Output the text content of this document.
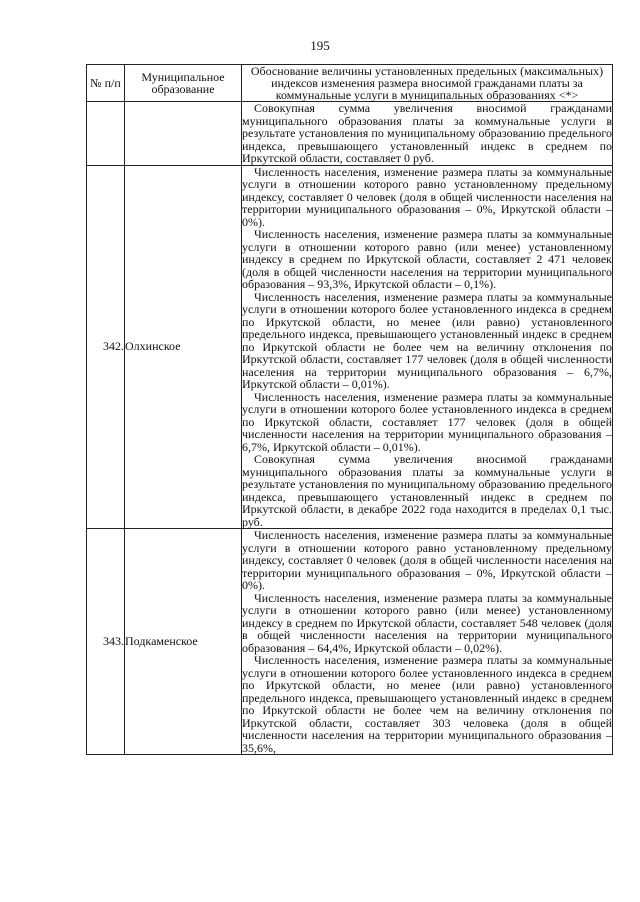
195
№ п/п	Муниципальное образование	Обоснование величины установленных предельных (максимальных) индексов изменения размера вносимой гражданами платы за коммунальные услуги в муниципальных образованиях <*>

		Совокупная сумма увеличения вносимой гражданами муниципального образования платы за коммунальные услуги в результате установления по муниципальному образованию предельного индекса, превышающего установленный индекс в среднем по Иркутской области, составляет 0 руб.

342.	Олхинское	Численность населения, изменение размера платы за коммунальные услуги в отношении которого равно установленному предельному индексу, составляет 0 человек (доля в общей численности населения на территории муниципального образования – 0%, Иркутской области – 0%).

Численность населения, изменение размера платы за коммунальные услуги в отношении которого равно (или менее) установленному индексу в среднем по Иркутской области, составляет 2 471 человек (доля в общей численности населения на территории муниципального образования – 93,3%, Иркутской области – 0,1%).

Численность населения, изменение размера платы за коммунальные услуги в отношении которого более установленного индекса в среднем по Иркутской области, но менее (или равно) установленного предельного индекса, превышающего установленный индекс в среднем по Иркутской области не более чем на величину отклонения по Иркутской области, составляет 177 человек (доля в общей численности населения на территории муниципального образования – 6,7%, Иркутской области – 0,01%).

Численность населения, изменение размера платы за коммунальные услуги в отношении которого более установленного индекса в среднем по Иркутской области, составляет 177 человек (доля в общей численности населения на территории муниципального образования – 6,7%, Иркутской области – 0,01%).

Совокупная сумма увеличения вносимой гражданами муниципального образования платы за коммунальные услуги в результате установления по муниципальному образованию предельного индекса, превышающего установленный индекс в среднем по Иркутской области, в декабре 2022 года находится в пределах 0,1 тыс. руб.

343.	Подкаменское	Численность населения, изменение размера платы за коммунальные услуги в отношении которого равно установленному предельному индексу, составляет 0 человек (доля в общей численности населения на территории муниципального образования – 0%, Иркутской области – 0%).

Численность населения, изменение размера платы за коммунальные услуги в отношении которого равно (или менее) установленному индексу в среднем по Иркутской области, составляет 548 человек (доля в общей численности населения на территории муниципального образования – 64,4%, Иркутской области – 0,02%).

Численность населения, изменение размера платы за коммунальные услуги в отношении которого более установленного индекса в среднем по Иркутской области, но менее (или равно) установленного предельного индекса, превышающего установленный индекс в среднем по Иркутской области не более чем на величину отклонения по Иркутской области, составляет 303 человека (доля в общей численности населения на территории муниципального образования – 35,6%,
